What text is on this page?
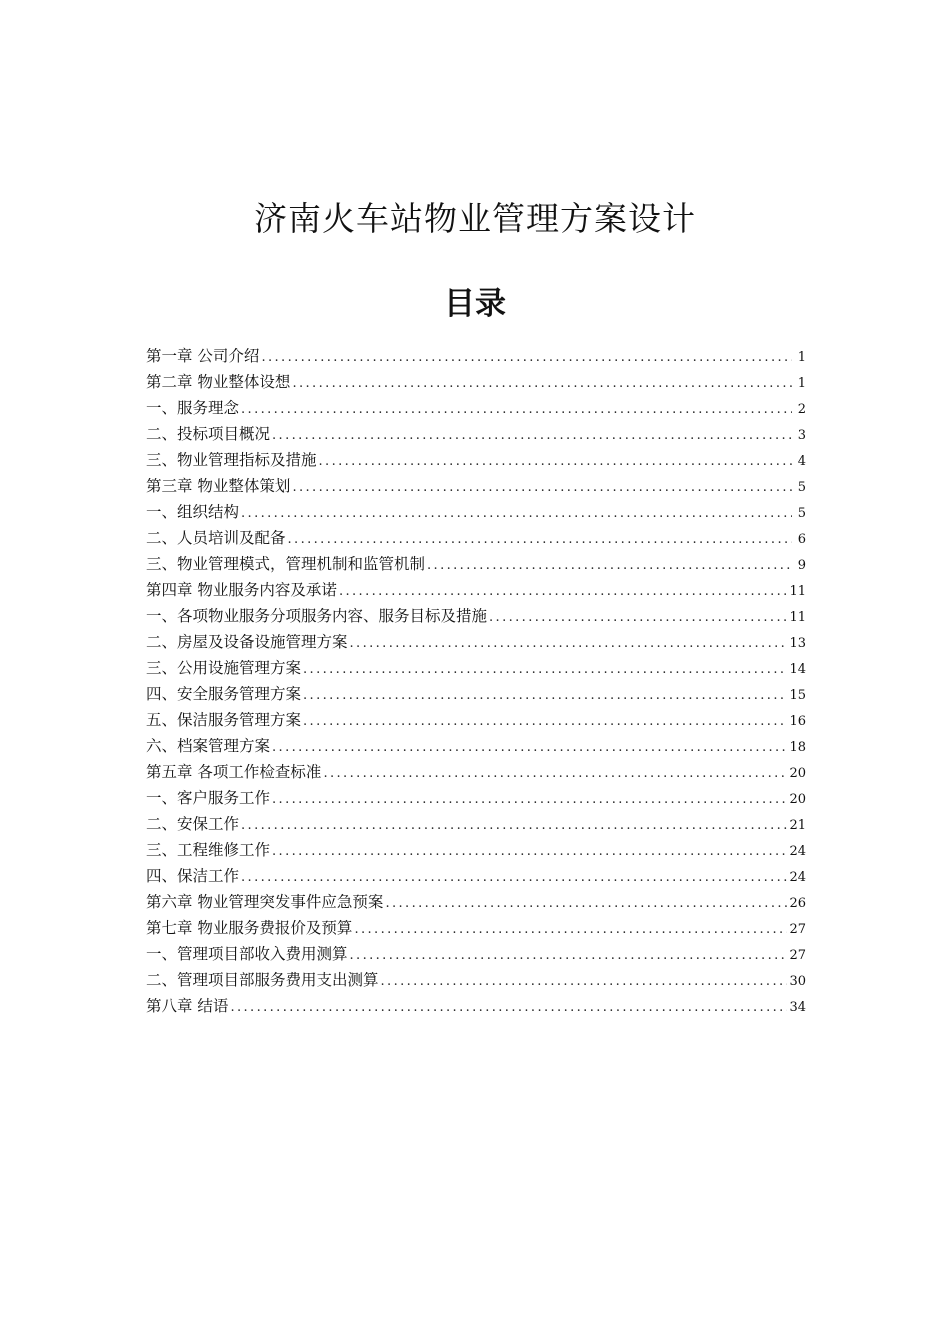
济南火车站物业管理方案设计
目录
第一章 公司介绍 .....	1
第二章 物业整体设想 .....	1
一、服务理念 .....	2
二、投标项目概况 .....	3
三、物业管理指标及措施 .....	4
第三章 物业整体策划 .....	5
一、组织结构 .....	5
二、人员培训及配备 .....	6
三、物业管理模式，管理机制和监管机制 .....	9
第四章 物业服务内容及承诺 .....	11
一、各项物业服务分项服务内容、服务目标及措施 .....	11
二、房屋及设备设施管理方案 .....	13
三、公用设施管理方案 .....	14
四、安全服务管理方案 .....	15
五、保洁服务管理方案 .....	16
六、档案管理方案 .....	18
第五章 各项工作检查标准 .....	20
一、客户服务工作 .....	20
二、安保工作 .....	21
三、工程维修工作 .....	24
四、保洁工作 .....	24
第六章 物业管理突发事件应急预案 .....	26
第七章 物业服务费报价及预算 .....	27
一、管理项目部收入费用测算 .....	27
二、管理项目部服务费用支出测算 .....	30
第八章 结语 .....	34
